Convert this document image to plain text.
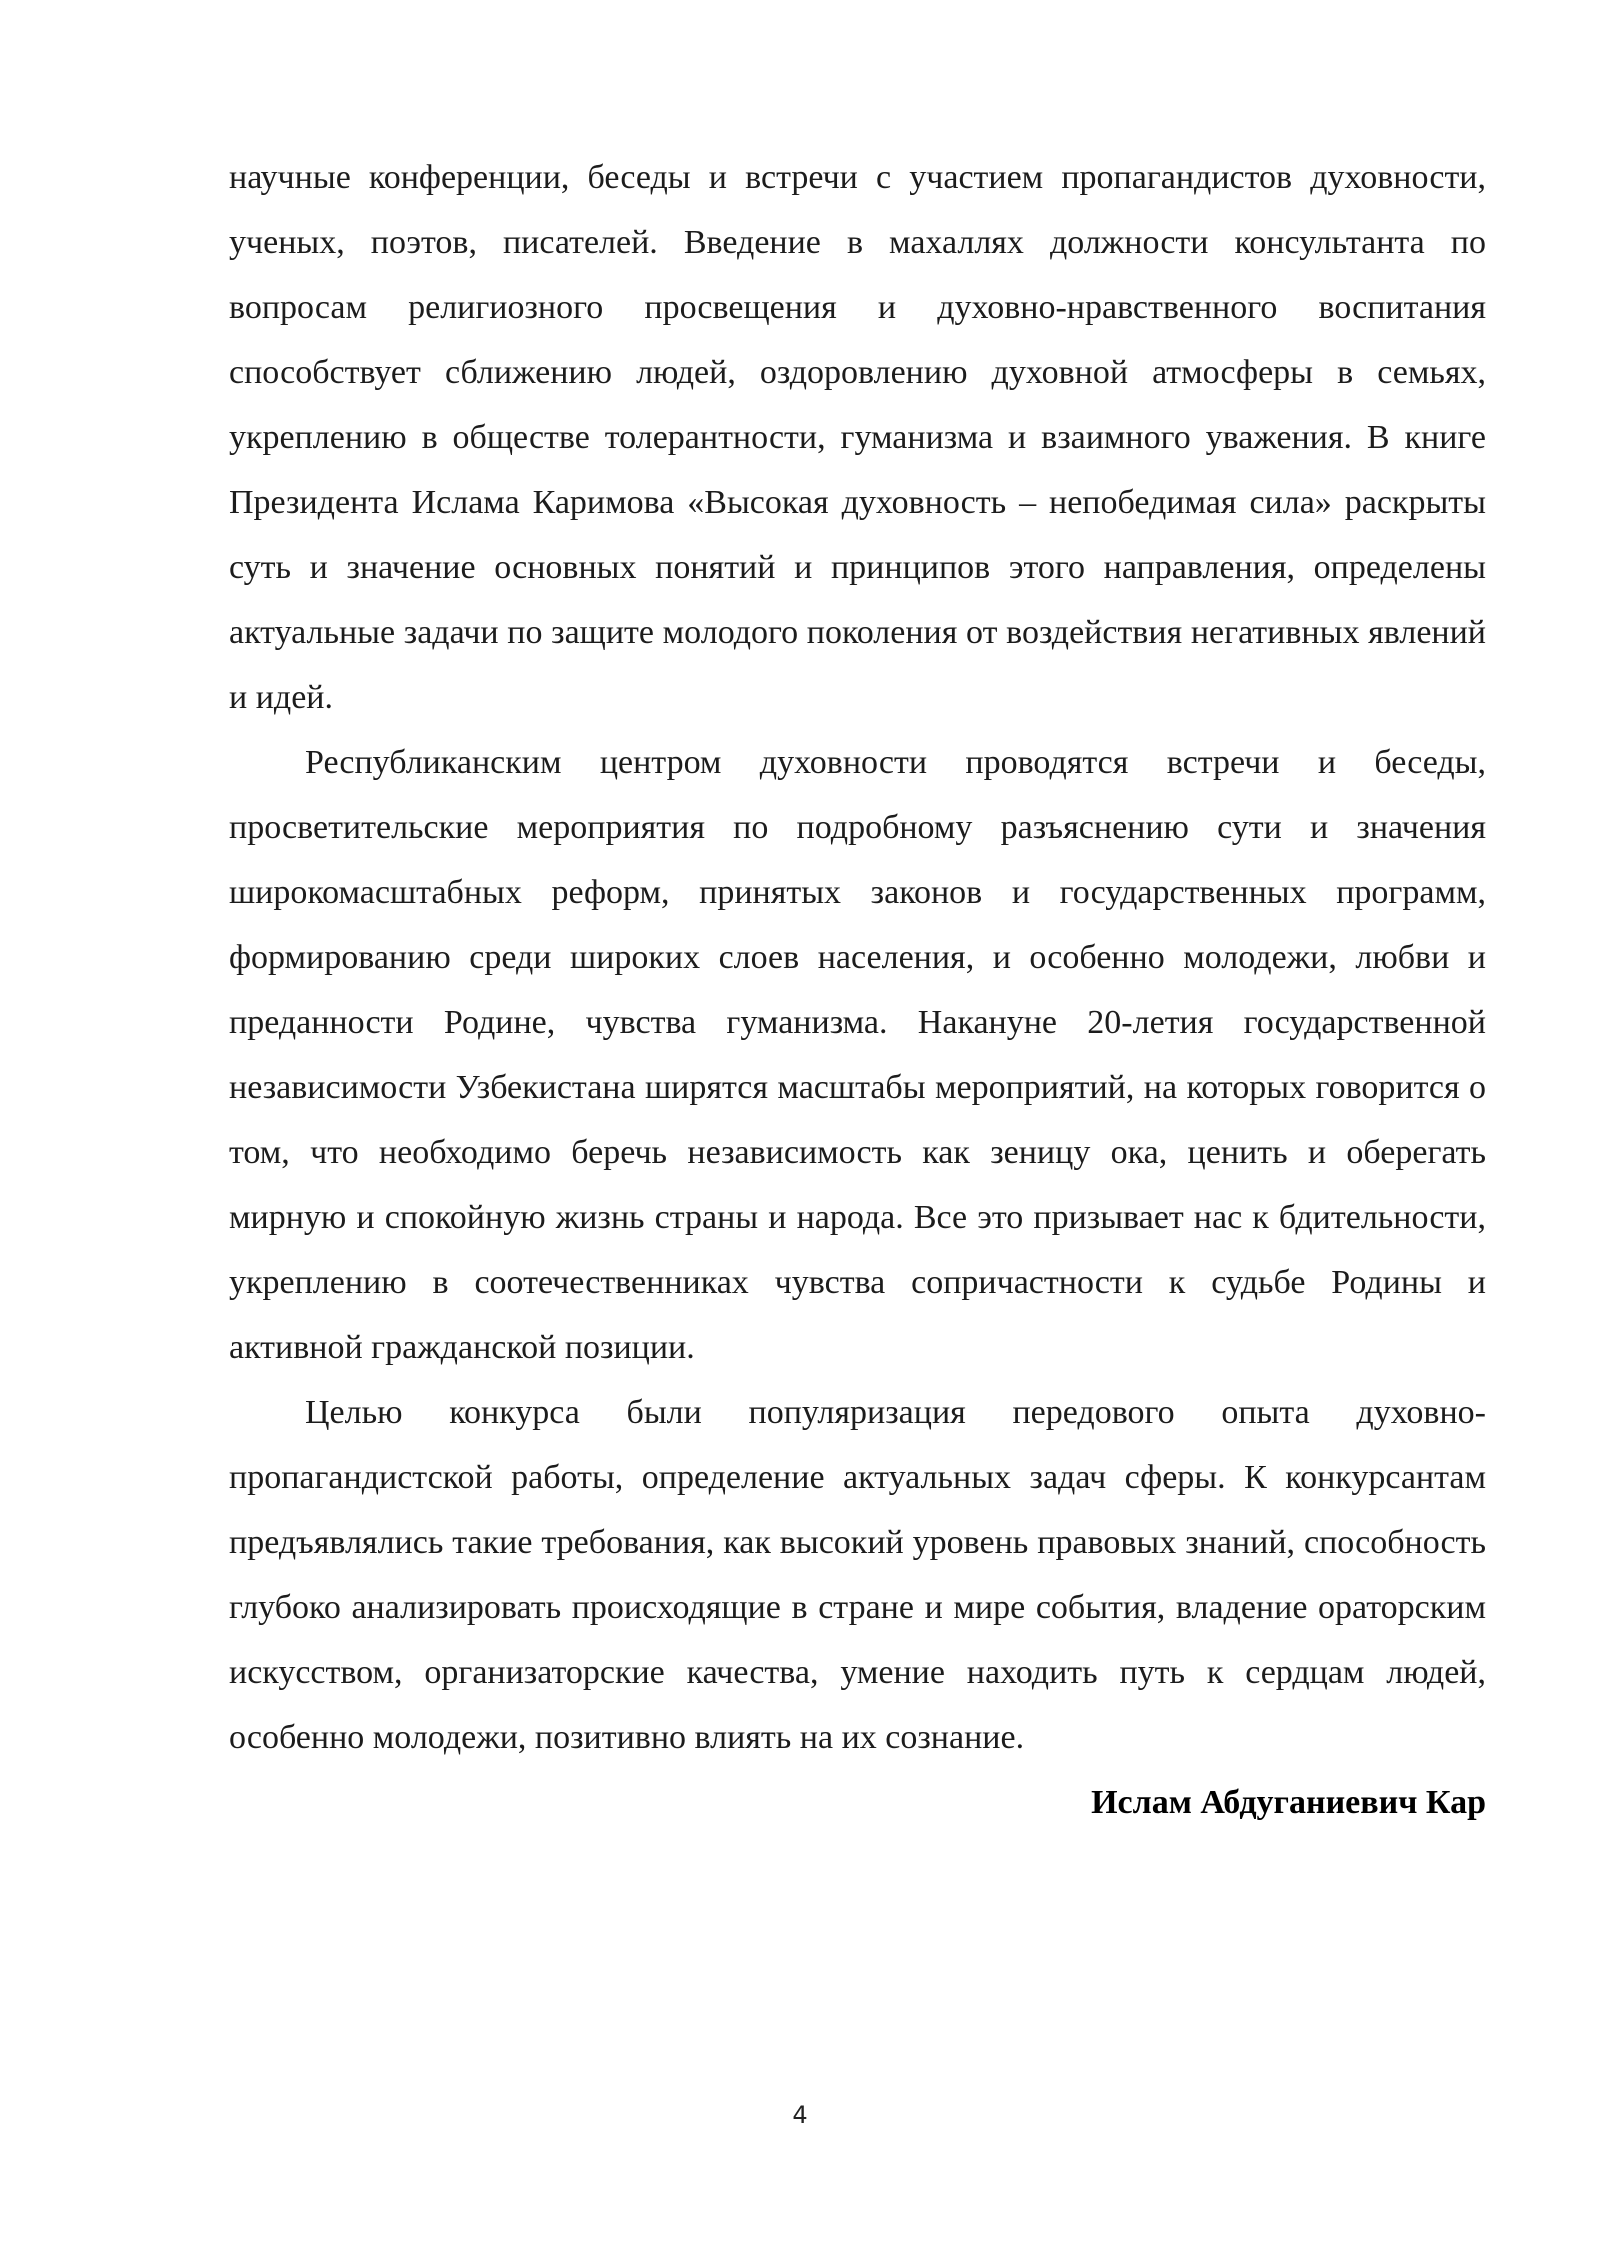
научные конференции, беседы и встречи с участием пропагандистов духовности, ученых, поэтов, писателей. Введение в махаллях должности консультанта по вопросам религиозного просвещения и духовно-нравственного воспитания способствует сближению людей, оздоровлению духовной атмосферы в семьях, укреплению в обществе толерантности, гуманизма и взаимного уважения. В книге Президента Ислама Каримова «Высокая духовность – непобедимая сила» раскрыты суть и значение основных понятий и принципов этого направления, определены актуальные задачи по защите молодого поколения от воздействия негативных явлений и идей.

Республиканским центром духовности проводятся встречи и беседы, просветительские мероприятия по подробному разъяснению сути и значения широкомасштабных реформ, принятых законов и государственных программ, формированию среди широких слоев населения, и особенно молодежи, любви и преданности Родине, чувства гуманизма. Накануне 20-летия государственной независимости Узбекистана ширятся масштабы мероприятий, на которых говорится о том, что необходимо беречь независимость как зеницу ока, ценить и оберегать мирную и спокойную жизнь страны и народа. Все это призывает нас к бдительности, укреплению в соотечественниках чувства сопричастности к судьбе Родины и активной гражданской позиции.

Целью конкурса были популяризация передового опыта духовно-пропагандистской работы, определение актуальных задач сферы. К конкурсантам предъявлялись такие требования, как высокий уровень правовых знаний, способность глубоко анализировать происходящие в стране и мире события, владение ораторским искусством, организаторские качества, умение находить путь к сердцам людей, особенно молодежи, позитивно влиять на их сознание.

Ислам Абдуганиевич Кар

4
